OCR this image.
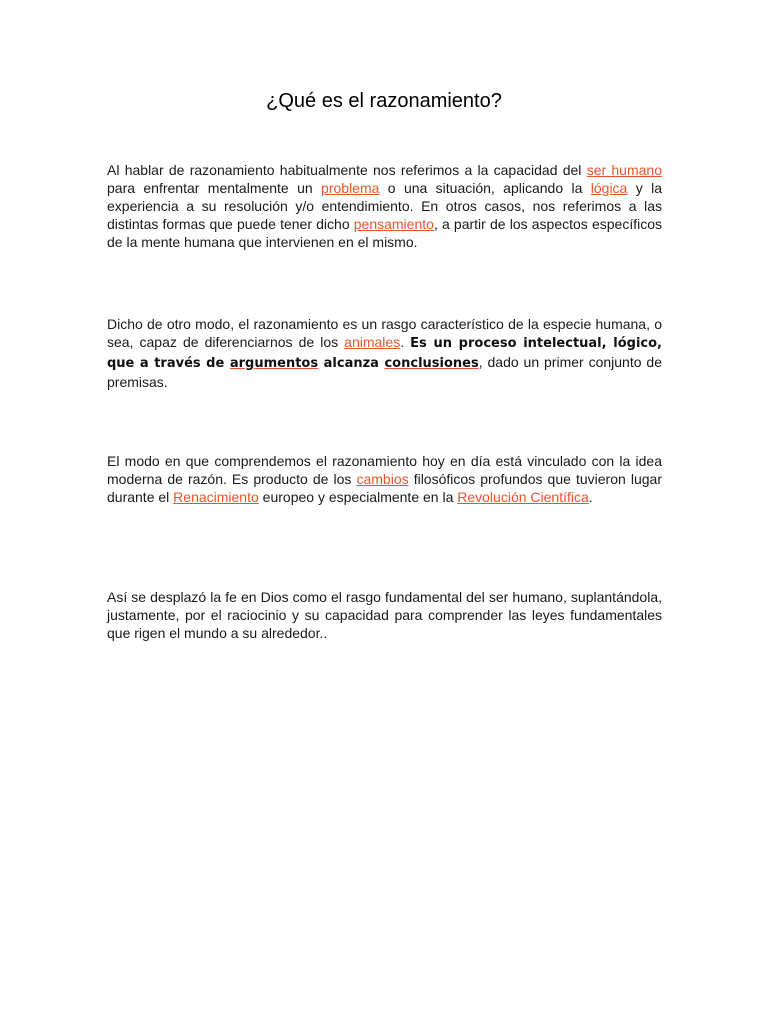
¿Qué es el razonamiento?

Al hablar de razonamiento habitualmente nos referimos a la capacidad del ser humano para enfrentar mentalmente un problema o una situación, aplicando la lógica y la experiencia a su resolución y/o entendimiento. En otros casos, nos referimos a las distintas formas que puede tener dicho pensamiento, a partir de los aspectos específicos de la mente humana que intervienen en el mismo.

Dicho de otro modo, el razonamiento es un rasgo característico de la especie humana, o sea, capaz de diferenciarnos de los animales. Es un proceso intelectual, lógico, que a través de argumentos alcanza conclusiones, dado un primer conjunto de premisas.

El modo en que comprendemos el razonamiento hoy en día está vinculado con la idea moderna de razón. Es producto de los cambios filosóficos profundos que tuvieron lugar durante el Renacimiento europeo y especialmente en la Revolución Científica.

Así se desplazó la fe en Dios como el rasgo fundamental del ser humano, suplantándola, justamente, por el raciocinio y su capacidad para comprender las leyes fundamentales que rigen el mundo a su alrededor..
